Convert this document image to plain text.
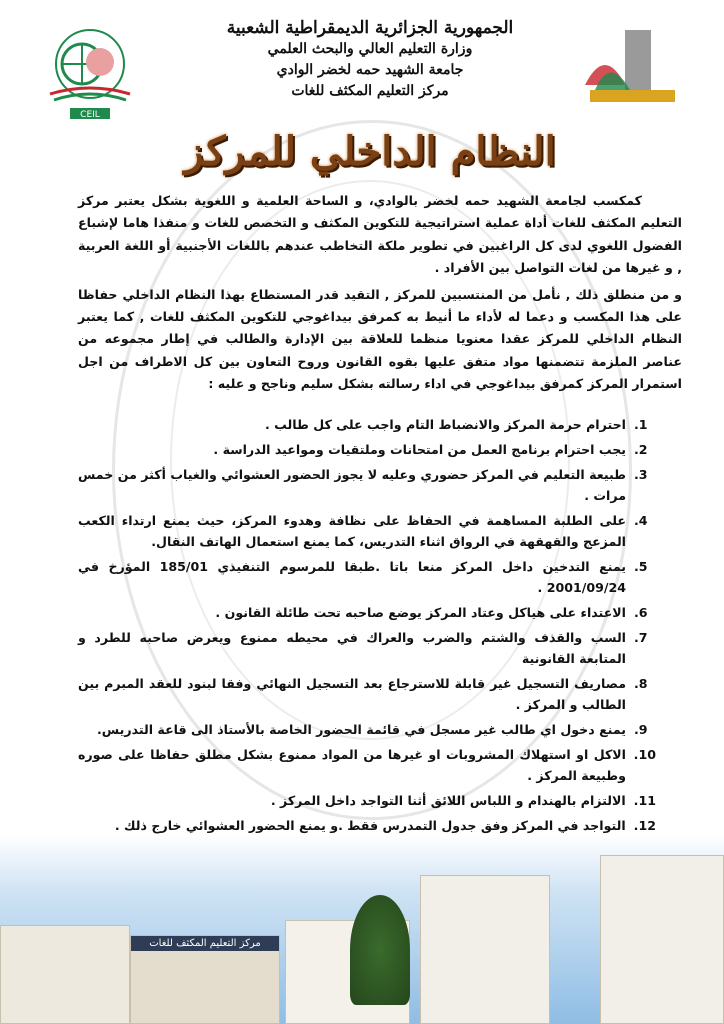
CEIL
الجمهورية الجزائرية الديمقراطية الشعبية
وزارة التعليم العالي والبحث العلمي
جامعة الشهيد حمه لخضر الوادي
مركز التعليم المكثف للغات
النظام الداخلي للمركز

كمكسب لجامعة الشهيد حمه لخضر بالوادي، و الساحة العلمية و اللغوية بشكل يعتبر مركز التعليم المكثف للغات أداة عملية استراتيجية للتكوين المكثف و التخصص للغات و منفذا هاما لإشباع الفضول اللغوي لدى كل الراغبين في تطوير ملكة التخاطب عندهم باللغات الأجنبية أو اللغة العربية , و غيرها من لغات التواصل بين الأفراد .

و من منطلق ذلك , نأمل من المنتسبين للمركز , التقيد قدر المستطاع بهذا النظام الداخلي حفاظا على هذا المكسب و دعما له لأداء ما أنيط به كمرفق بيداغوجي للتكوين المكثف للغات , كما يعتبر النظام الداخلي للمركز عقدا معنويا منظما للعلاقة بين الإدارة والطالب في إطار مجموعه من عناصر الملزمة تتضمنها مواد متفق عليها بقوه القانون وروح التعاون بين كل الاطراف من اجل استمرار المركز كمرفق بيداغوجي في اداء رسالته بشكل سليم وناجح و عليه :

1.
احترام حرمة المركز والانضباط التام واجب على كل طالب .
2.
يجب احترام برنامج العمل من امتحانات وملتقيات ومواعيد الدراسة .
3.
طبيعة التعليم في المركز حضوري وعليه لا يجوز الحضور العشوائي والغياب أكثر من خمس مرات .
4.
على الطلبة المساهمة في الحفاظ على نظافة وهدوء المركز، حيث يمنع ارتداء الكعب المزعج والقهقهة في الرواق اثناء التدريس، كما يمنع استعمال الهاتف النقال.
5.
يمنع التدخين داخل المركز منعا باتا .طبقا للمرسوم التنفيذي 185/01 المؤرخ في 2001/09/24 .
6.
الاعتداء على هياكل وعتاد المركز يوضع صاحبه تحت طائلة القانون .
7.
السب والقذف والشتم والضرب والعراك في محيطه ممنوع ويعرض صاحبه للطرد و المتابعة القانونية
8.
مصاريف التسجيل غير قابلة للاسترجاع بعد التسجيل النهائي وفقا لبنود للعقد المبرم بين الطالب و المركز .
9.
يمنع دخول اي طالب غير مسجل في قائمة الحضور الخاصة بالأستاذ الى قاعة التدريس.
10.
الاكل او استهلاك المشروبات او غيرها من المواد ممنوع بشكل مطلق حفاظا على صوره وطبيعة المركز .
11.
الالتزام بالهندام و اللباس اللائق أثنا التواجد داخل المركز .
12.
التواجد في المركز وفق جدول التمدرس فقط .و يمنع الحضور العشوائي خارج ذلك .
مركز التعليم المكثف للغات
